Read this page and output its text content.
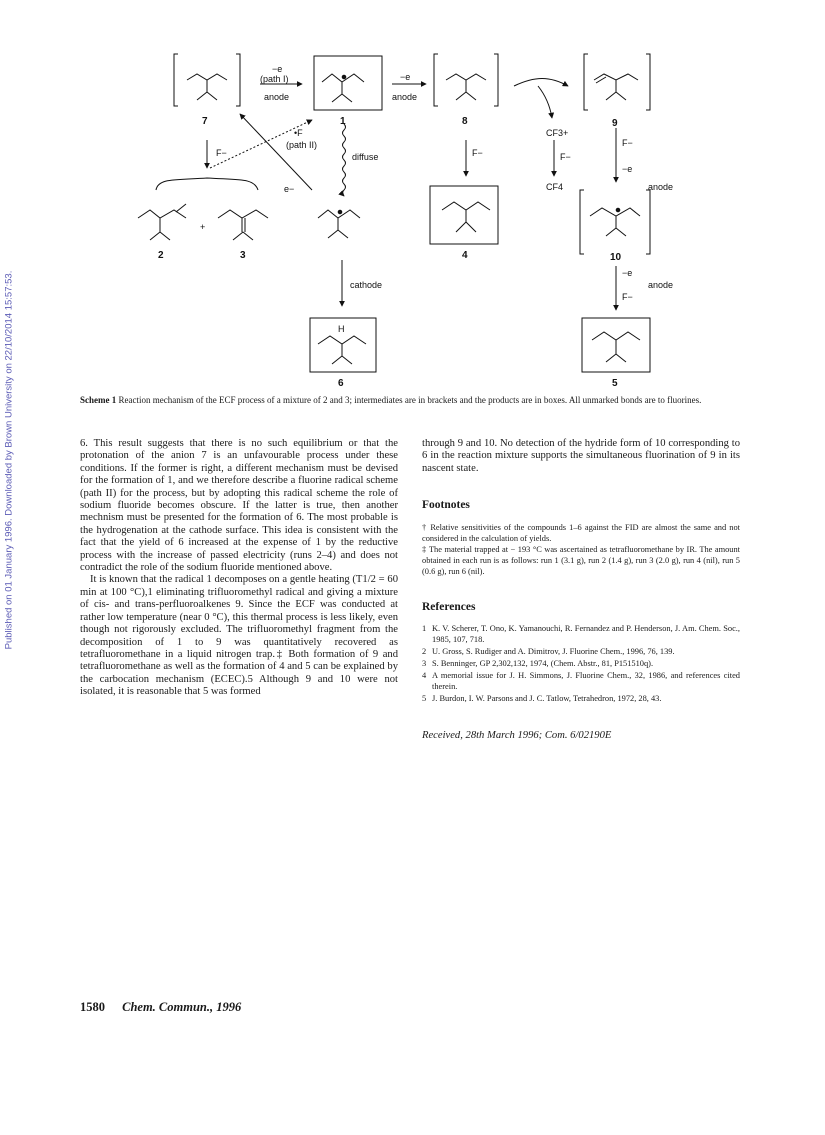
Published on 01 January 1996. Downloaded by Brown University on 22/10/2014 15:57:53.
7	1	8	9
2	3	4	10
6	5
−e
(path I)
anode
−e
anode
CF3+
F−
CF4
F−	F−
F−
−e
anode
−e
anode
F−
•F
(path II)
diffuse
e−
cathode
H
+
Scheme 1 Reaction mechanism of the ECF process of a mixture of 2 and 3; intermediates are in brackets and the products are in boxes. All unmarked bonds are to fluorines.

6. This result suggests that there is no such equilibrium or that the protonation of the anion 7 is an unfavourable process under these conditions. If the former is right, a different mechanism must be devised for the formation of 1, and we therefore describe a fluorine radical scheme (path II) for the process, but by adopting this radical scheme the role of sodium fluoride becomes obscure. If the latter is true, then another mechnism must be presented for the formation of 6. The most probable is the hydrogenation at the cathode surface. This idea is consistent with the fact that the yield of 6 increased at the expense of 1 by the reductive process with the increase of passed electricity (runs 2–4) and does not contradict the role of the sodium fluoride mentioned above.

It is known that the radical 1 decomposes on a gentle heating (T1/2 = 60 min at 100 °C),1 eliminating trifluoromethyl radical and giving a mixture of cis- and trans-perfluoroalkenes 9. Since the ECF was conducted at rather low temperature (near 0 °C), this thermal process is less likely, even though not rigorously excluded. The trifluoromethyl fragment from the decomposition of 1 to 9 was quantitatively recovered as tetrafluoromethane in a liquid nitrogen trap.‡ Both formation of 9 and tetrafluoromethane as well as the formation of 4 and 5 can be explained by the carbocation mechanism (ECEC).5 Although 9 and 10 were not isolated, it is reasonable that 5 was formed

through 9 and 10. No detection of the hydride form of 10 corresponding to 6 in the reaction mixture supports the simultaneous fluorination of 9 in its nascent state.

Footnotes

† Relative sensitivities of the compounds 1–6 against the FID are almost the same and not considered in the calculation of yields.

‡ The material trapped at − 193 °C was ascertained as tetrafluoromethane by IR. The amount obtained in each run is as follows: run 1 (3.1 g), run 2 (1.4 g), run 3 (2.0 g), run 4 (nil), run 5 (0.6 g), run 6 (nil).

References
1 K. V. Scherer, T. Ono, K. Yamanouchi, R. Fernandez and P. Henderson, J. Am. Chem. Soc., 1985, 107, 718.
2 U. Gross, S. Rudiger and A. Dimitrov, J. Fluorine Chem., 1996, 76, 139.
3 S. Benninger, GP 2,302,132, 1974, (Chem. Abstr., 81, P151510q).
4 A memorial issue for J. H. Simmons, J. Fluorine Chem., 32, 1986, and references cited therein.
5 J. Burdon, I. W. Parsons and J. C. Tatlow, Tetrahedron, 1972, 28, 43.
Received, 28th March 1996; Com. 6/02190E
1580 Chem. Commun., 1996
